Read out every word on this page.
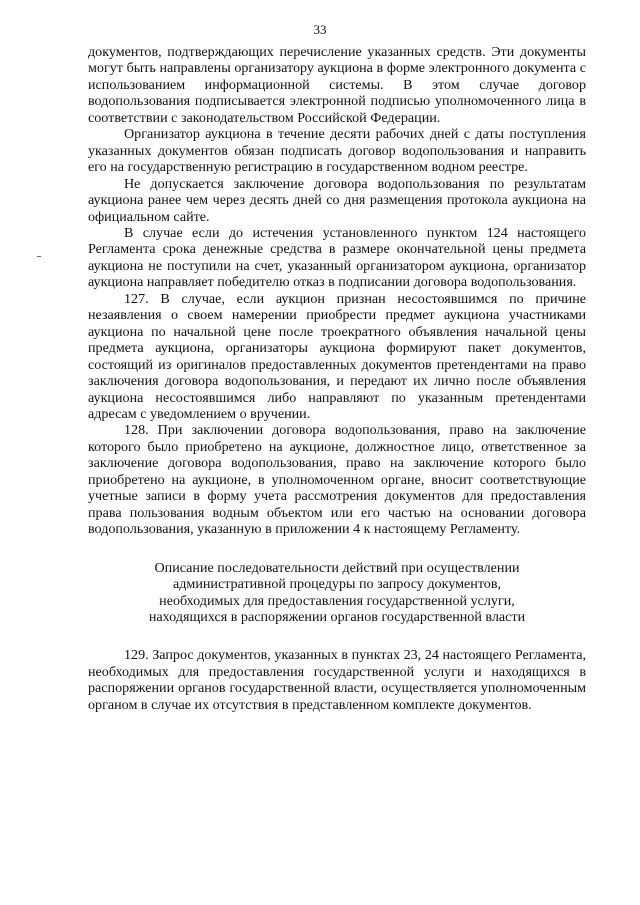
33

документов, подтверждающих перечисление указанных средств. Эти документы могут быть направлены организатору аукциона в форме электронного документа с использованием информационной системы. В этом случае договор водопользования подписывается электронной подписью уполномоченного лица в соответствии с законодательством Российской Федерации.

Организатор аукциона в течение десяти рабочих дней с даты поступления указанных документов обязан подписать договор водопользования и направить его на государственную регистрацию в государственном водном реестре.

Не допускается заключение договора водопользования по результатам аукциона ранее чем через десять дней со дня размещения протокола аукциона на официальном сайте.

В случае если до истечения установленного пунктом 124 настоящего Регламента срока денежные средства в размере окончательной цены предмета аукциона не поступили на счет, указанный организатором аукциона, организатор аукциона направляет победителю отказ в подписании договора водопользования.

127. В случае, если аукцион признан несостоявшимся по причине незаявления о своем намерении приобрести предмет аукциона участниками аукциона по начальной цене после троекратного объявления начальной цены предмета аукциона, организаторы аукциона формируют пакет документов, состоящий из оригиналов предоставленных документов претендентами на право заключения договора водопользования, и передают их лично после объявления аукциона несостоявшимся либо направляют по указанным претендентами адресам с уведомлением о вручении.

128. При заключении договора водопользования, право на заключение которого было приобретено на аукционе, должностное лицо, ответственное за заключение договора водопользования, право на заключение которого было приобретено на аукционе, в уполномоченном органе, вносит соответствующие учетные записи в форму учета рассмотрения документов для предоставления права пользования водным объектом или его частью на основании договора водопользования, указанную в приложении 4 к настоящему Регламенту.

Описание последовательности действий при осуществлении
административной процедуры по запросу документов,
необходимых для предоставления государственной услуги,
находящихся в распоряжении органов государственной власти

129. Запрос документов, указанных в пунктах 23, 24 настоящего Регламента, необходимых для предоставления государственной услуги и находящихся в распоряжении органов государственной власти, осуществляется уполномоченным органом в случае их отсутствия в представленном комплекте документов.
